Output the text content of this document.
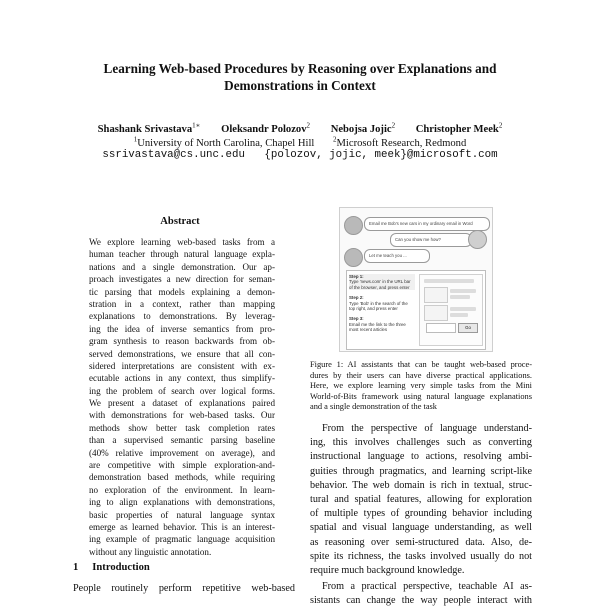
Learning Web-based Procedures by Reasoning over Explanations and
Demonstrations in Context
Shashank Srivastava$^{1∗}$ Oleksandr Polozov$^2$ Nebojsa Jojic$^2$ Christopher Meek$^2$
$^1$University of North Carolina, Chapel Hill	$^2$Microsoft Research, Redmond
ssrivastava@cs.unc.edu   {polozov, jojic, meek}@microsoft.com
Abstract
We explore learning web-based tasks from a
human teacher through natural language expla-
nations and a single demonstration. Our ap-
proach investigates a new direction for seman-
tic parsing that models explaining a demon-
stration in a context, rather than mapping
explanations to demonstrations. By leverag-
ing the idea of inverse semantics from pro-
gram synthesis to reason backwards from ob-
served demonstrations, we ensure that all con-
sidered interpretations are consistent with ex-
ecutable actions in any context, thus simplify-
ing the problem of search over logical forms.
We present a dataset of explanations paired
with demonstrations for web-based tasks. Our
methods show better task completion rates
than a supervised semantic parsing baseline
(40% relative improvement on average), and
are competitive with simple exploration-and-
demonstration based methods, while requiring
no exploration of the environment. In learn-
ing to align explanations with demonstrations,
basic properties of natural language syntax
emerge as learned behavior. This is an interest-
ing example of pragmatic language acquisition
without any linguistic annotation.
1 Introduction
People routinely perform repetitive web-based
Email me Bob's new cars in my ordinary email in Word
Can you show me how?
Let me teach you ...
Step 1:
Type 'news.com' in the URL bar of the browser, and press enter
Step 2:
Type 'Bob' in the search of the top right, and press enter
Step 3:
Email me the link to the three most recent articles	Go
Figure 1: AI assistants that can be taught web-based proce-
dures by their users can have diverse practical applications.
Here, we explore learning very simple tasks from the Mini
World-of-Bits framework using natural language explanations
and a single demonstration of the task
From the perspective of language understand-
ing, this involves challenges such as converting
instructional language to actions, resolving ambi-
guities through pragmatics, and learning script-like
behavior. The web domain is rich in textual, struc-
tural and spatial features, allowing for exploration
of multiple types of grounding behavior including
spatial and visual language understanding, as well
as reasoning over semi-structured data. Also, de-
spite its richness, the tasks involved usually do not
require much background knowledge.
From a practical perspective, teachable AI as-
sistants can change the way people interact with
